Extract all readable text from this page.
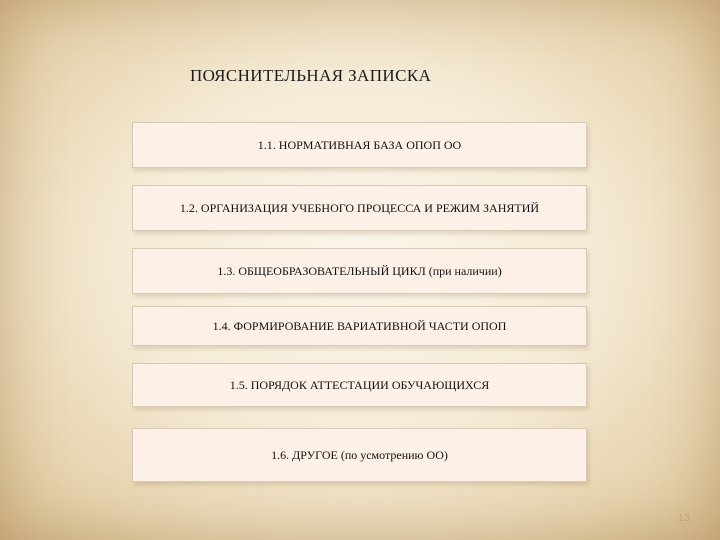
ПОЯСНИТЕЛЬНАЯ ЗАПИСКА
1.1. НОРМАТИВНАЯ БАЗА ОПОП ОО
1.2. ОРГАНИЗАЦИЯ УЧЕБНОГО ПРОЦЕССА И РЕЖИМ ЗАНЯТИЙ
1.3. ОБЩЕОБРАЗОВАТЕЛЬНЫЙ ЦИКЛ (при наличии)
1.4. ФОРМИРОВАНИЕ ВАРИАТИВНОЙ ЧАСТИ ОПОП
1.5. ПОРЯДОК АТТЕСТАЦИИ ОБУЧАЮЩИХСЯ
1.6. ДРУГОЕ (по усмотрению ОО)
13
